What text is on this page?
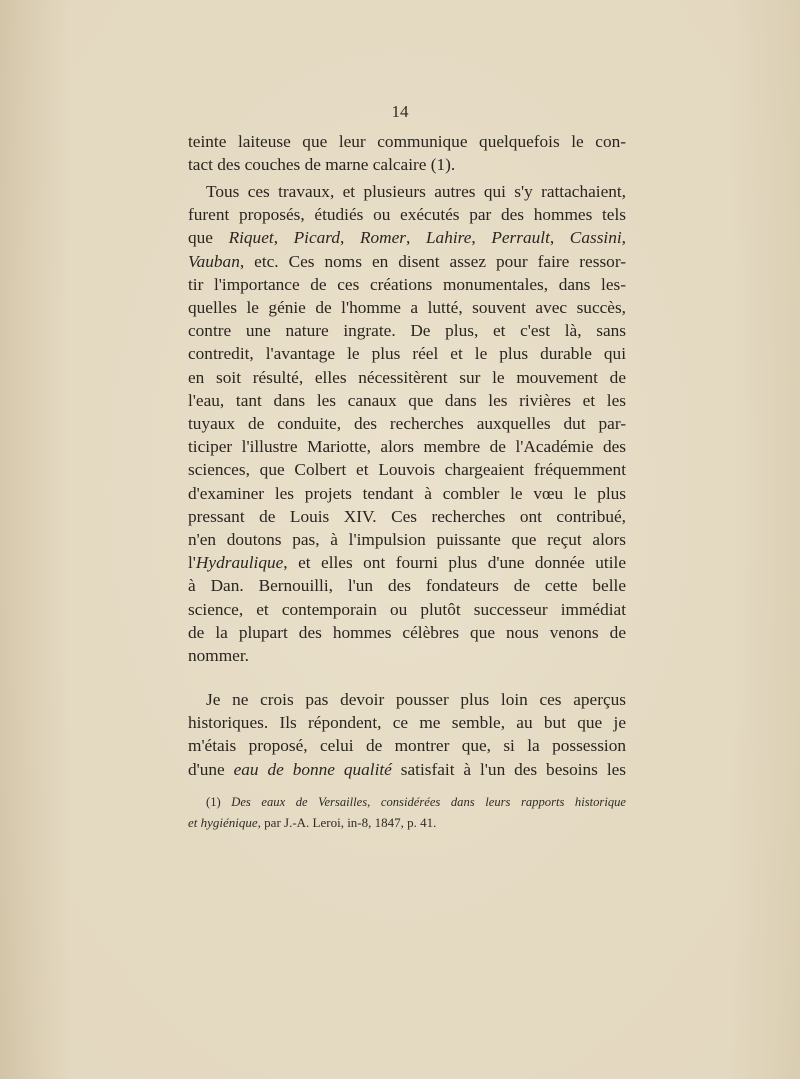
14
teinte laiteuse que leur communique quelquefois le con-
tact des couches de marne calcaire (1).
Tous ces travaux, et plusieurs autres qui s'y rattachaient,
furent proposés, étudiés ou exécutés par des hommes tels
que Riquet, Picard, Romer, Lahire, Perrault, Cassini,
Vauban, etc. Ces noms en disent assez pour faire ressor-
tir l'importance de ces créations monumentales, dans les-
quelles le génie de l'homme a lutté, souvent avec succès,
contre une nature ingrate. De plus, et c'est là, sans
contredit, l'avantage le plus réel et le plus durable qui
en soit résulté, elles nécessitèrent sur le mouvement de
l'eau, tant dans les canaux que dans les rivières et les
tuyaux de conduite, des recherches auxquelles dut par-
ticiper l'illustre Mariotte, alors membre de l'Académie des
sciences, que Colbert et Louvois chargeaient fréquemment
d'examiner les projets tendant à combler le vœu le plus
pressant de Louis XIV. Ces recherches ont contribué,
n'en doutons pas, à l'impulsion puissante que reçut alors
l'Hydraulique, et elles ont fourni plus d'une donnée utile
à Dan. Bernouilli, l'un des fondateurs de cette belle
science, et contemporain ou plutôt successeur immédiat
de la plupart des hommes célèbres que nous venons de
nommer.
Je ne crois pas devoir pousser plus loin ces aperçus
historiques. Ils répondent, ce me semble, au but que je
m'étais proposé, celui de montrer que, si la possession
d'une eau de bonne qualité satisfait à l'un des besoins les
(1) Des eaux de Versailles, considérées dans leurs rapports historique
et hygiénique, par J.-A. Leroi, in-8, 1847, p. 41.
